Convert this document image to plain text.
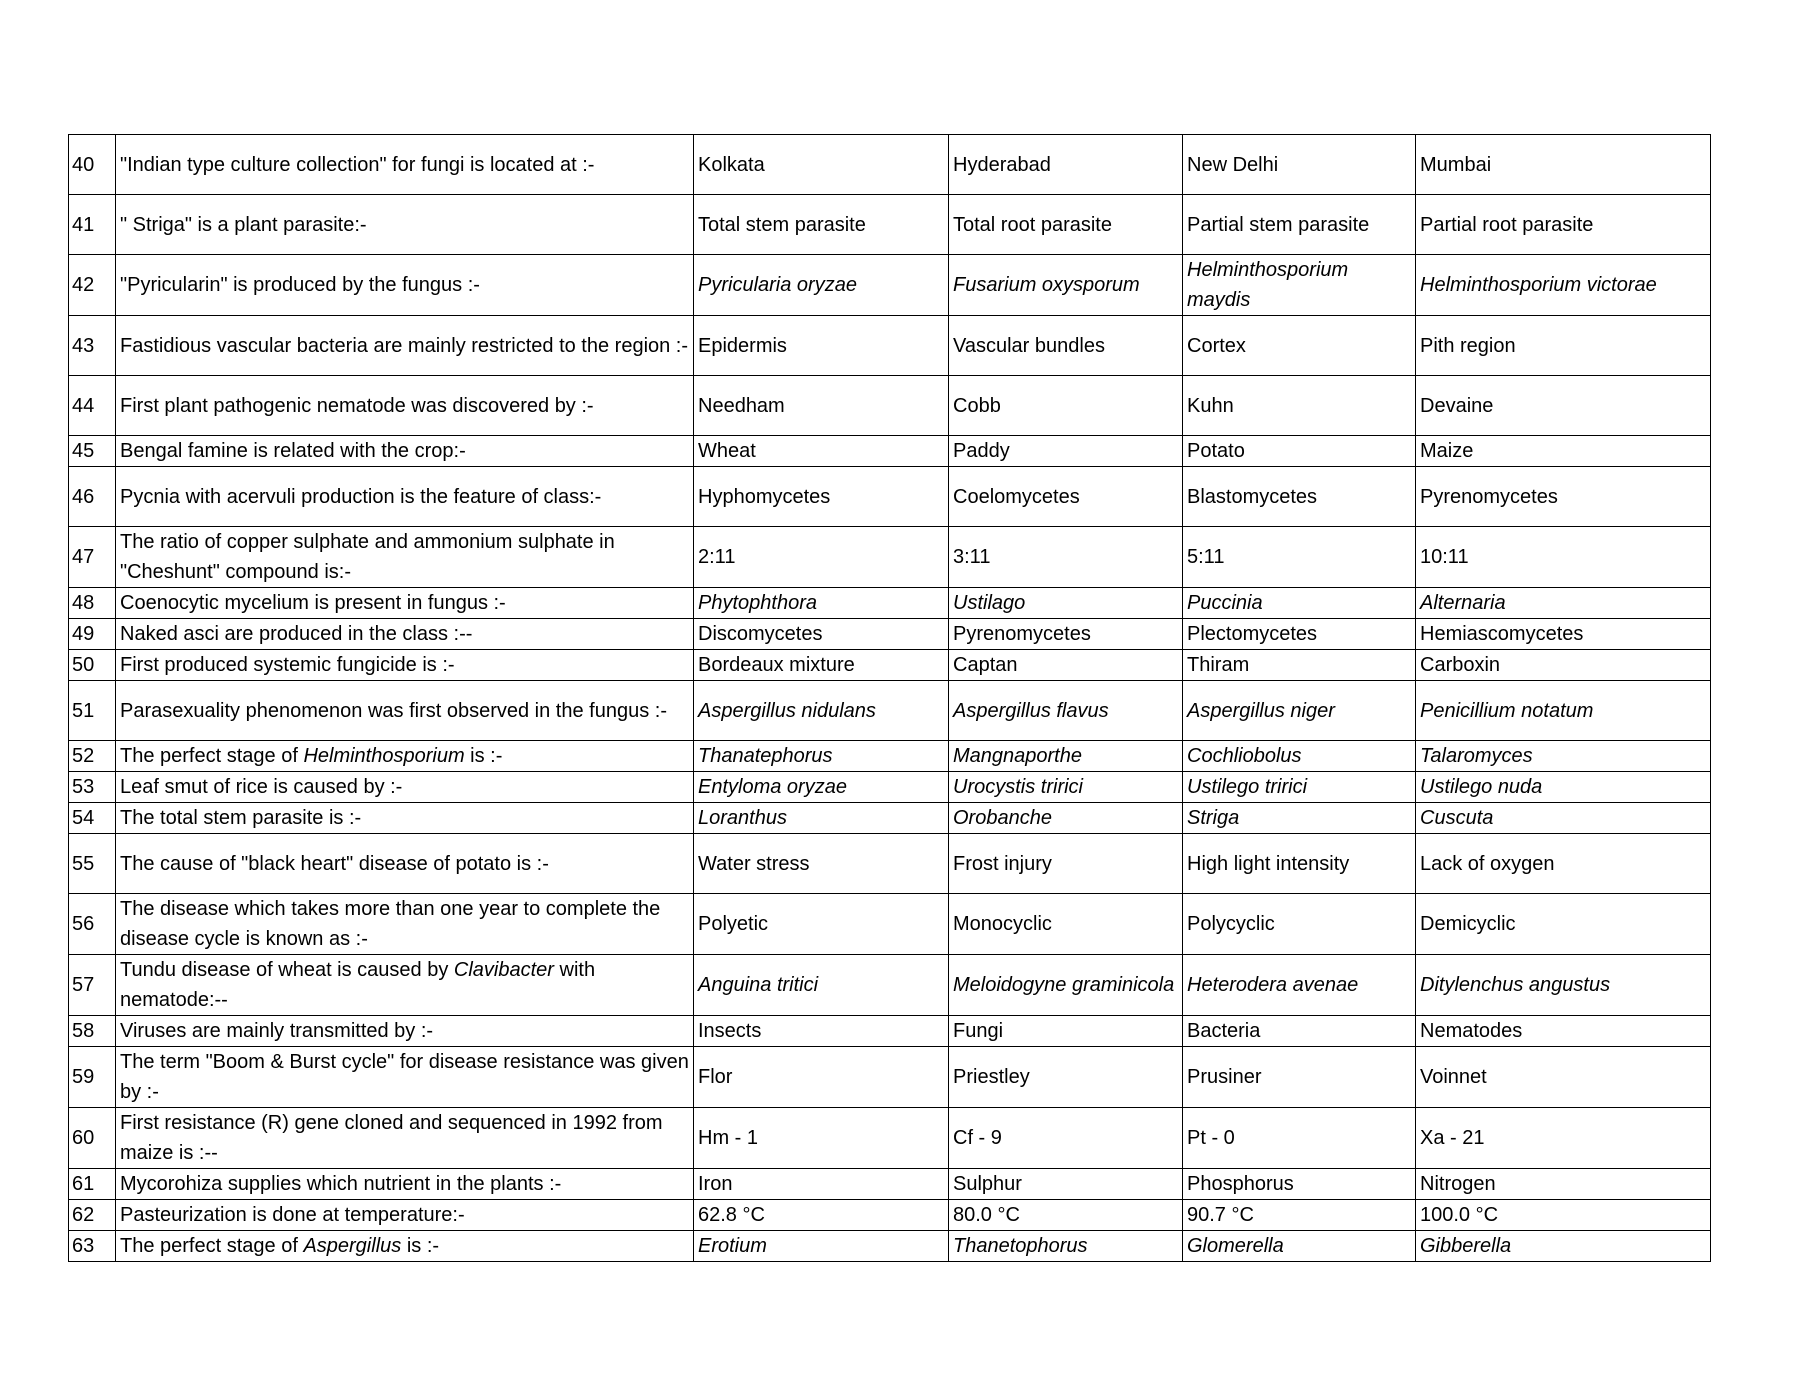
40	"Indian type culture collection" for fungi is located at :-	Kolkata	Hyderabad	New Delhi	Mumbai
41	" Striga" is a plant parasite:-	Total stem parasite	Total root parasite	Partial stem parasite	Partial root parasite
42	"Pyricularin" is produced by the fungus :-	Pyricularia oryzae	Fusarium oxysporum	Helminthosporium maydis	Helminthosporium victorae
43	Fastidious vascular bacteria are mainly restricted to the region :-	Epidermis	Vascular bundles	Cortex	Pith region
44	First plant pathogenic nematode was discovered by :-	Needham	Cobb	Kuhn	Devaine
45	Bengal famine is related with the crop:-	Wheat	Paddy	Potato	Maize
46	Pycnia with acervuli production is the feature of class:-	Hyphomycetes	Coelomycetes	Blastomycetes	Pyrenomycetes
47	The ratio of copper sulphate and ammonium sulphate in "Cheshunt" compound is:-	2:11	3:11	5:11	10:11
48	Coenocytic mycelium is present in fungus :-	Phytophthora	Ustilago	Puccinia	Alternaria
49	Naked asci are produced in the class :--	Discomycetes	Pyrenomycetes	Plectomycetes	Hemiascomycetes
50	First produced systemic fungicide is :-	Bordeaux mixture	Captan	Thiram	Carboxin
51	Parasexuality phenomenon was first observed in the fungus :-	Aspergillus nidulans	Aspergillus flavus	Aspergillus niger	Penicillium notatum
52	The perfect stage of Helminthosporium is :-	Thanatephorus	Mangnaporthe	Cochliobolus	Talaromyces
53	Leaf smut of rice is caused by :-	Entyloma oryzae	Urocystis tririci	Ustilego tririci	Ustilego nuda
54	The total stem parasite is :-	Loranthus	Orobanche	Striga	Cuscuta
55	The cause of "black heart" disease of potato is :-	Water stress	Frost injury	High light intensity	Lack of oxygen
56	The disease which takes more than one year to complete the disease cycle is known as :-	Polyetic	Monocyclic	Polycyclic	Demicyclic
57	Tundu disease of wheat is caused by Clavibacter with nematode:--	Anguina tritici	Meloidogyne graminicola	Heterodera avenae	Ditylenchus angustus
58	Viruses are mainly transmitted by :-	Insects	Fungi	Bacteria	Nematodes
59	The term "Boom & Burst cycle" for disease resistance was given by :-	Flor	Priestley	Prusiner	Voinnet
60	First resistance (R) gene cloned and sequenced in 1992 from maize is :--	Hm - 1	Cf - 9	Pt - 0	Xa - 21
61	Mycorohiza supplies which nutrient in the plants :-	Iron	Sulphur	Phosphorus	Nitrogen
62	Pasteurization is done at temperature:-	62.8 °C	80.0 °C	90.7 °C	100.0 °C
63	The perfect stage of Aspergillus is :-	Erotium	Thanetophorus	Glomerella	Gibberella
